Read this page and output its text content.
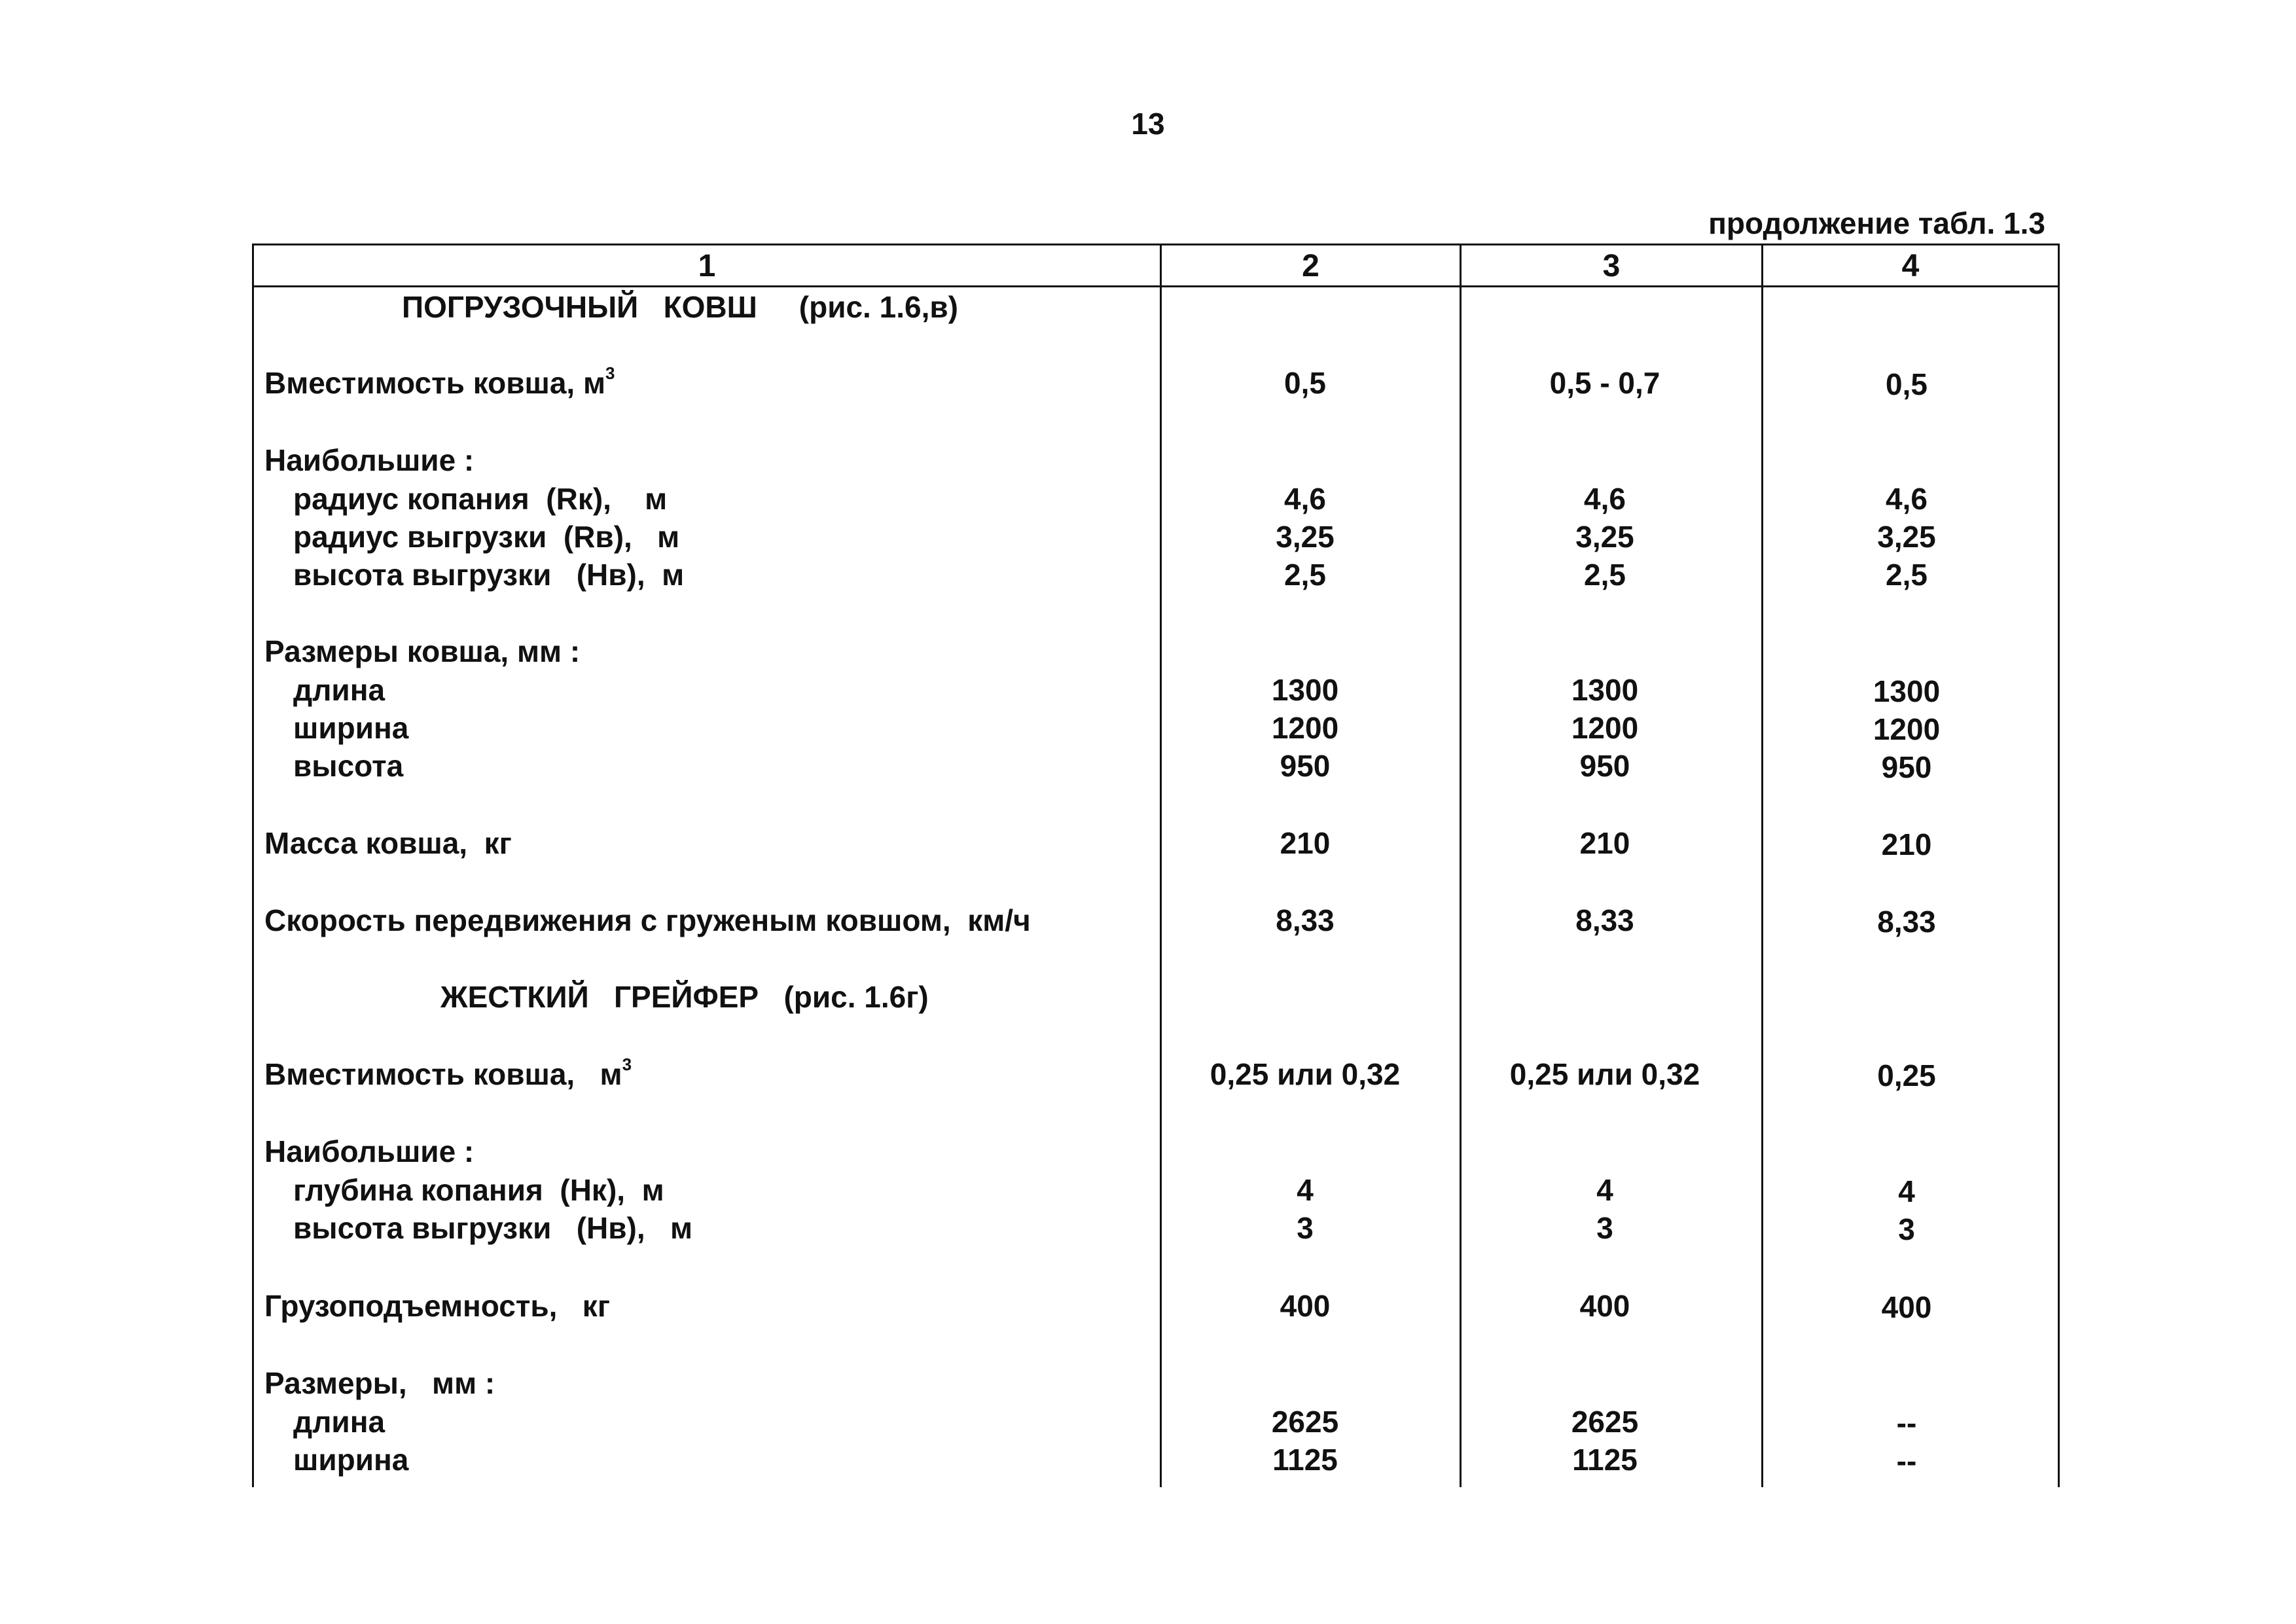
13
продолжение табл. 1.3
1	2	3	4
ПОГРУЗОЧНЫЙ   КОВШ     (рис. 1.6,в)
Вместимость ковша, $м^3$	0,5	0,5 - 0,7	0,5
Наибольшие :
радиус копания  (Rк),    м	4,6	4,6	4,6
радиус выгрузки  (Rв),   м	3,25	3,25	3,25
высота выгрузки   (Нв),  м	2,5	2,5	2,5
Размеры ковша, мм :
длина	1300	1300	1300
ширина	1200	1200	1200
высота	950	950	950
Масса ковша,  кг	210	210	210
Скорость передвижения с груженым ковшом,  км/ч	8,33	8,33	8,33
ЖЕСТКИЙ   ГРЕЙФЕР   (рис. 1.6г)
Вместимость ковша,   $м^3$	0,25 или 0,32	0,25 или 0,32	0,25
Наибольшие :
глубина копания  (Нк),  м	4	4	4
высота выгрузки   (Нв),   м	3	3	3
Грузоподъемность,   кг	400	400	400
Размеры,   мм :
длина	2625	2625	--
ширина	1125	1125	--
